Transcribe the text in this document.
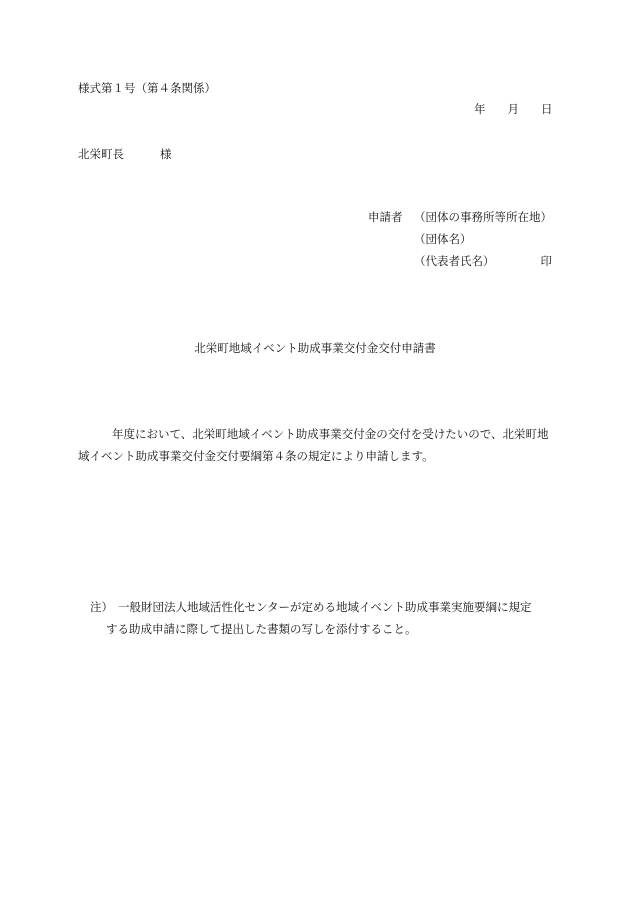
様式第１号（第４条関係）
年 月 日
北栄町長	様
申請者 （団体の事務所等所在地）
（団体名）
（代表者氏名）	印
北栄町地域イベント助成事業交付金交付申請書
年度において、北栄町地域イベント助成事業交付金の交付を受けたいので、北栄町地
域イベント助成事業交付金交付要綱第４条の規定により申請します。
注） 一般財団法人地域活性化センターが定める地域イベント助成事業実施要綱に規定
する助成申請に際して提出した書類の写しを添付すること。
